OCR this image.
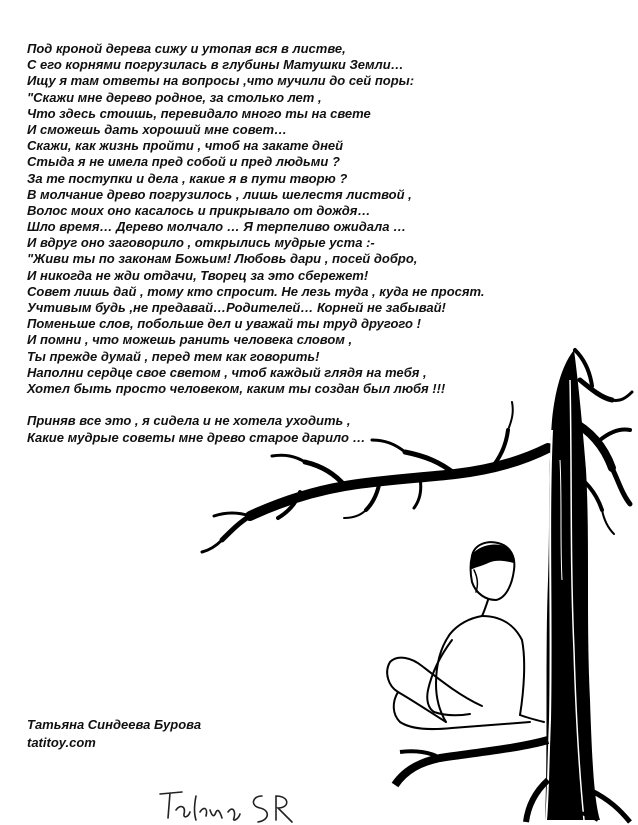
Под кроной дерева сижу и утопая вся в листве,
С его корнями погрузилась в глубины Матушки Земли…
Ищу я там ответы на вопросы ,что мучили до сей поры:
"Скажи мне дерево родное, за столько лет ,
Что здесь стоишь, перевидало много ты на свете
И сможешь дать хороший мне совет…
Скажи, как жизнь пройти , чтоб на закате дней
Стыда я не имела пред собой и пред людьми ?
За те поступки и дела , какие я в пути творю ?
В молчание древо погрузилось , лишь шелестя листвой ,
Волос моих оно касалось и прикрывало от дождя…
Шло время… Дерево молчало … Я терпеливо ожидала …
И вдруг оно заговорило , открылись мудрые уста :-
"Живи ты по законам Божьим! Любовь дари , посей добро,
И никогда не жди отдачи, Творец за это сбережет!
Совет лишь дай , тому кто спросит. Не лезь туда , куда не просят.
Учтивым будь ,не предавай…Родителей… Корней не забывай!
Поменьше слов, побольше дел и уважай ты труд другого !
И помни , что можешь ранить человека словом ,
Ты прежде думай , перед тем как говорить!
Наполни сердце свое светом , чтоб каждый глядя на тебя ,
Хотел быть просто человеком, каким ты создан был любя !!!
Приняв все это , я сидела и не хотела уходить ,
Какие мудрые советы мне древо старое дарило …
Татьяна Синдеева Бурова
tatitoy.com
